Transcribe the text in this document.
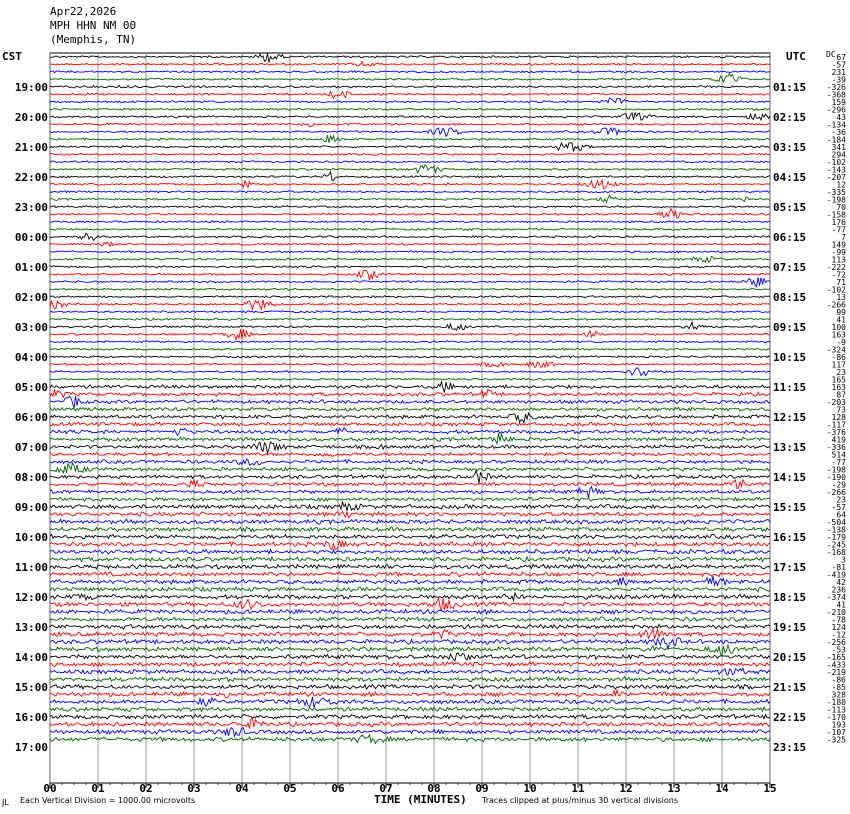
Apr22,2026
MPH HHN NM 00
(Memphis, TN)
CST	UTC
00	01	02	03	04	05	06	07	08	09	10	11	12	13	14	15
67
-57
231
-39
-326
-368
159
-296
43
-134
-36
-184
341
294
-102
-143
-207
12
-335
-198
70
-158
176
-77
7
149
-99
113
-222
-72
71
-102
13
-266
99
41
100
163
-9
-324
-86
117
23
165
163
87
-203
73
128
-117
-376
419
-336
514
-77
-198
-190
-29
-266
23
-57
64
-504
-138
-179
-245
-168
3
-81
-419
42
236
-374
41
-210
-78
124
-12
-256
-53
-165
-433
-219
-86
-85
328
-180
-113
-170
193
-107
-325
DC
19:00	01:15
20:00	02:15
21:00	03:15
22:00	04:15
23:00	05:15
00:00	06:15
01:00	07:15
02:00	08:15
03:00	09:15
04:00	10:15
05:00	11:15
06:00	12:15
07:00	13:15
08:00	14:15
09:00	15:15
10:00	16:15
11:00	17:15
12:00	18:15
13:00	19:15
14:00	20:15
15:00	21:15
16:00	22:15
17:00	23:15
JL Each Vertical Division = 1000.00 microvolts	TIME (MINUTES) Traces clipped at plus/minus 30 vertical divisions
